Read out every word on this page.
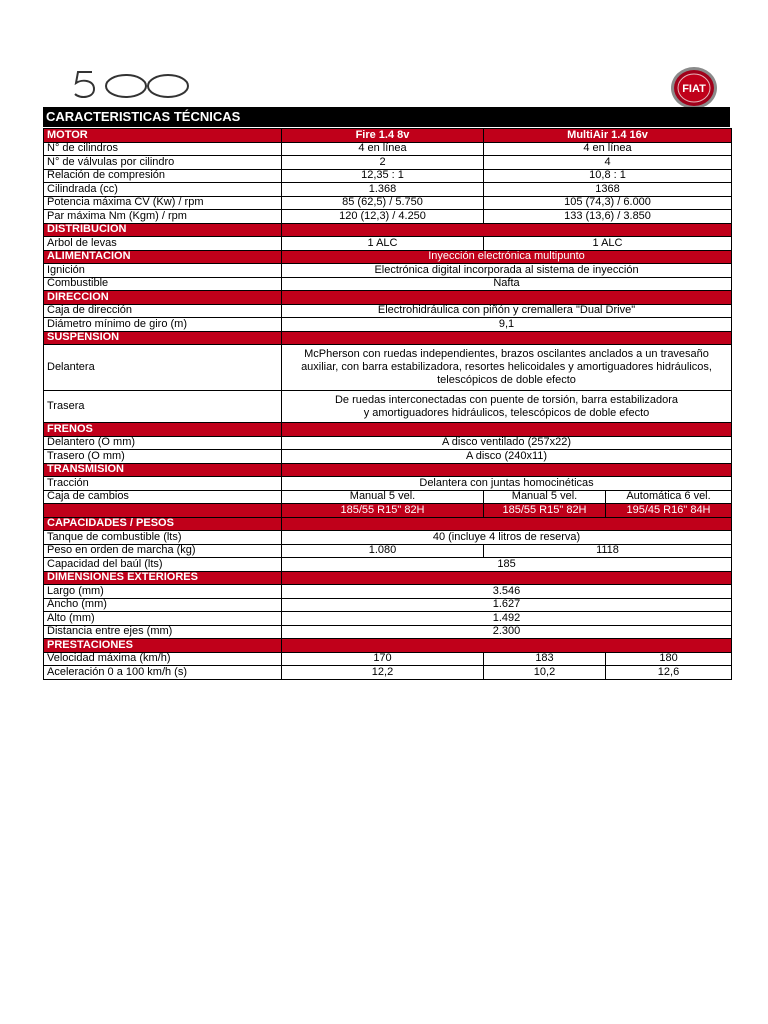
FIAT
CARACTERISTICAS TÉCNICAS
MOTOR	Fire 1.4 8v	MultiAir 1.4 16v	
N° de cilindros	4 en línea	4 en línea	
N° de válvulas por cilindro	2	4	
Relación de compresión	12,35 : 1	10,8 : 1	
Cilindrada (cc)	1.368	1368	
Potencia máxima CV (Kw) / rpm	85 (62,5) / 5.750	105 (74,3) / 6.000	
Par máxima Nm (Kgm) / rpm	120 (12,3) / 4.250	133 (13,6) / 3.850	
DISTRIBUCION			
Arbol de levas	1 ALC	1 ALC	
ALIMENTACION	Inyección electrónica multipunto		
Ignición	Electrónica digital incorporada al sistema de inyección		
Combustible	Nafta		
DIRECCION			
Caja de dirección	Electrohidráulica con piñón y cremallera "Dual Drive"		
Diámetro mínimo de giro (m)	9,1		
SUSPENSIÓN			
Delantera	McPherson con ruedas independientes, brazos oscilantes anclados a un travesaño auxiliar, con barra estabilizadora, resortes helicoidales y amortiguadores hidráulicos, telescópicos de doble efecto		
Trasera	De ruedas interconectadas con puente de torsión, barra estabilizadora y amortiguadores hidráulicos, telescópicos de doble efecto		
FRENOS			
Delantero (O mm)	A disco ventilado (257x22)		
Trasero (O mm)	A disco (240x11)		
TRANSMISION			
Tracción	Delantera con juntas homocinéticas		
Caja de cambios	Manual 5 vel.	Manual 5 vel.	Automática 6 vel.
	185/55 R15" 82H	185/55 R15" 82H	195/45 R16" 84H
CAPACIDADES / PESOS			
Tanque de combustible (lts)	40 (incluye 4 litros de reserva)		
Peso en orden de marcha (kg)	1.080	1118	
Capacidad del baúl (lts)	185		
DIMENSIONES EXTERIORES			
Largo (mm)	3.546		
Ancho (mm)	1.627		
Alto (mm)	1.492		
Distancia entre ejes (mm)	2.300		
PRESTACIONES			
Velocidad máxima (km/h)	170	183	180
Aceleración 0 a 100 km/h (s)	12,2	10,2	12,6
